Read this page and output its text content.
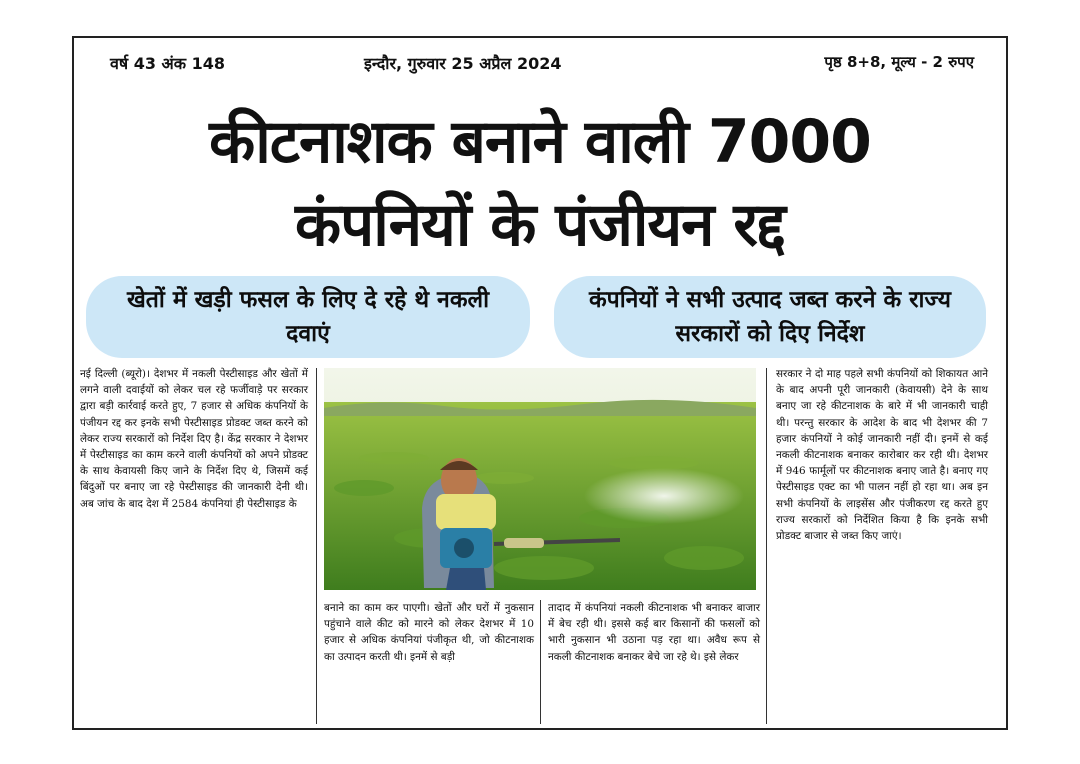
वर्ष 43 अंक 148	इन्दौर, गुरुवार 25 अप्रैल 2024	पृष्ठ 8+8, मूल्य - 2 रुपए
कीटनाशक बनाने वाली 7000
कंपनियों के पंजीयन रद्द
खेतों में खड़ी फसल के लिए दे रहे थे नकली दवाएं
कंपनियों ने सभी उत्पाद जब्त करने के राज्य सरकारों को दिए निर्देश
नई दिल्ली (ब्यूरो)। देशभर में नकली पेस्टीसाइड और खेतों में लगने वाली दवाईयों को लेकर चल रहे फर्जीवाड़े पर सरकार द्वारा बड़ी कार्रवाई करते हुए, 7 हजार से अधिक कंपनियों के पंजीयन रद्द कर इनके सभी पेस्टीसाइड प्रोडक्ट जब्त करने को लेकर राज्य सरकारों को निर्देश दिए है। केंद्र सरकार ने देशभर में पेस्टीसाइड का काम करने वाली कंपनियों को अपने प्रोडक्ट के साथ केवायसी किए जाने के निर्देश दिए थे, जिसमें कई बिंदुओं पर बनाए जा रहे पेस्टीसाइड की जानकारी देनी थी। अब जांच के बाद देश में 2584 कंपनियां ही पेस्टीसाइड के
बनाने का काम कर पाएगी। खेतों और घरों में नुकसान पहुंचाने वाले कीट को मारने को लेकर देशभर में 10 हजार से अधिक कंपनियां पंजीकृत थी, जो कीटनाशक का उत्पादन करती थी। इनमें से बड़ी
तादाद में कंपनियां नकली कीटनाशक भी बनाकर बाजार में बेच रही थी। इससे कई बार किसानों की फसलों को भारी नुकसान भी उठाना पड़ रहा था। अवैध रूप से नकली कीटनाशक बनाकर बेचे जा रहे थे। इसे लेकर
सरकार ने दो माह पहले सभी कंपनियों को शिकायत आने के बाद अपनी पूरी जानकारी (केवायसी) देने के साथ बनाए जा रहे कीटनाशक के बारे में भी जानकारी चाही थी। परन्तु सरकार के आदेश के बाद भी देशभर की 7 हजार कंपनियों ने कोई जानकारी नहीं दी। इनमें से कई नकली कीटनाशक बनाकर कारोबार कर रही थी। देशभर में 946 फार्मूलों पर कीटनाशक बनाए जाते है। बनाए गए पेस्टीसाइड एक्ट का भी पालन नहीं हो रहा था। अब इन सभी कंपनियों के लाइसेंस और पंजीकरण रद्द करते हुए राज्य सरकारों को निर्देशित किया है कि इनके सभी प्रोडक्ट बाजार से जब्त किए जाएं।
